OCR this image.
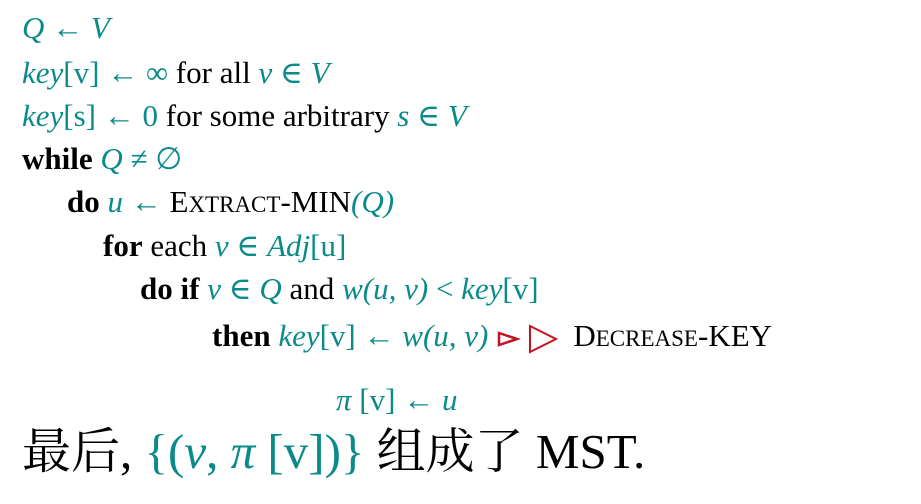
Q ← V
key[v] ← ∞ for all v ∈ V
key[s] ← 0 for some arbitrary s ∈ V
while Q ≠ ∅
do u ← EXTRACT-MIN(Q)
for each v ∈ Adj[u]
do if v ∈ Q and w(u, v) < key[v]
then key[v] ← w(u, v)	DECREASE-KEY
π [v] ← u
最后, {(v, π [v])} 组成了 MST.
